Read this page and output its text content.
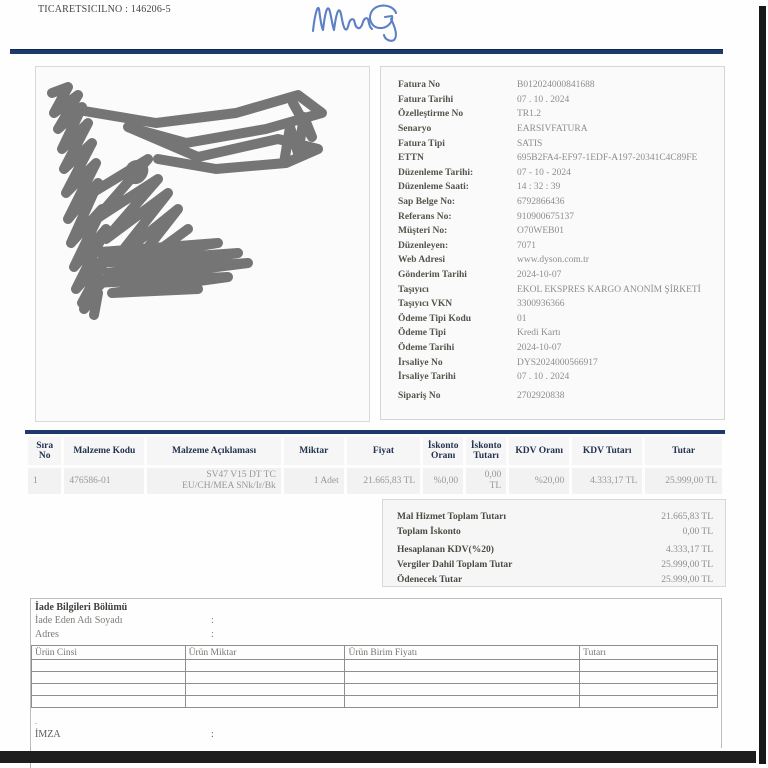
TICARETSICILNO : 146206-5
Fatura No	B012024000841688
Fatura Tarihi	07 . 10 . 2024
Özelleştirme No	TR1.2
Senaryo	EARSIVFATURA
Fatura Tipi	SATIS
ETTN	695B2FA4-EF97-1EDF-A197-20341C4C89FE
Düzenleme Tarihi:	07 - 10 - 2024
Düzenleme Saati:	14 : 32 : 39
Sap Belge No:	6792866436
Referans No:	910900675137
Müşteri No:	O70WEB01
Düzenleyen:	7071
Web Adresi	www.dyson.com.tr
Gönderim Tarihi	2024-10-07
Taşıyıcı	EKOL EKSPRES KARGO ANONİM ŞİRKETİ
Taşıyıcı VKN	3300936366
Ödeme Tipi Kodu	01
Ödeme Tipi	Kredi Kartı
Ödeme Tarihi	2024-10-07
İrsaliye No	DYS2024000566917
İrsaliye Tarihi	07 . 10 . 2024
Sipariş No	2702920838
Sıra No	Malzeme Kodu	Malzeme Açıklaması	Miktar	Fiyat	İskonto Oranı	İskonto Tutarı	KDV Oranı	KDV Tutarı	Tutar
1	476586-01	SV47 V15 DT TC EU/CH/MEA SNk/Ir/Bk	1 Adet	21.665,83 TL	%0,00	0,00 TL	%20,00	4.333,17 TL	25.999,00 TL
Mal Hizmet Toplam Tutarı	21.665,83 TL
Toplam İskonto	0,00 TL
Hesaplanan KDV(%20)	4.333,17 TL
Vergiler Dahil Toplam Tutar	25.999,00 TL
Ödenecek Tutar	25.999,00 TL
İade Bilgileri Bölümü
İade Eden Adı Soyadı	:
Adres	:
Ürün Cinsi	Ürün Miktar	Ürün Birim Fiyatı	Tutarı

.
İMZA	:
